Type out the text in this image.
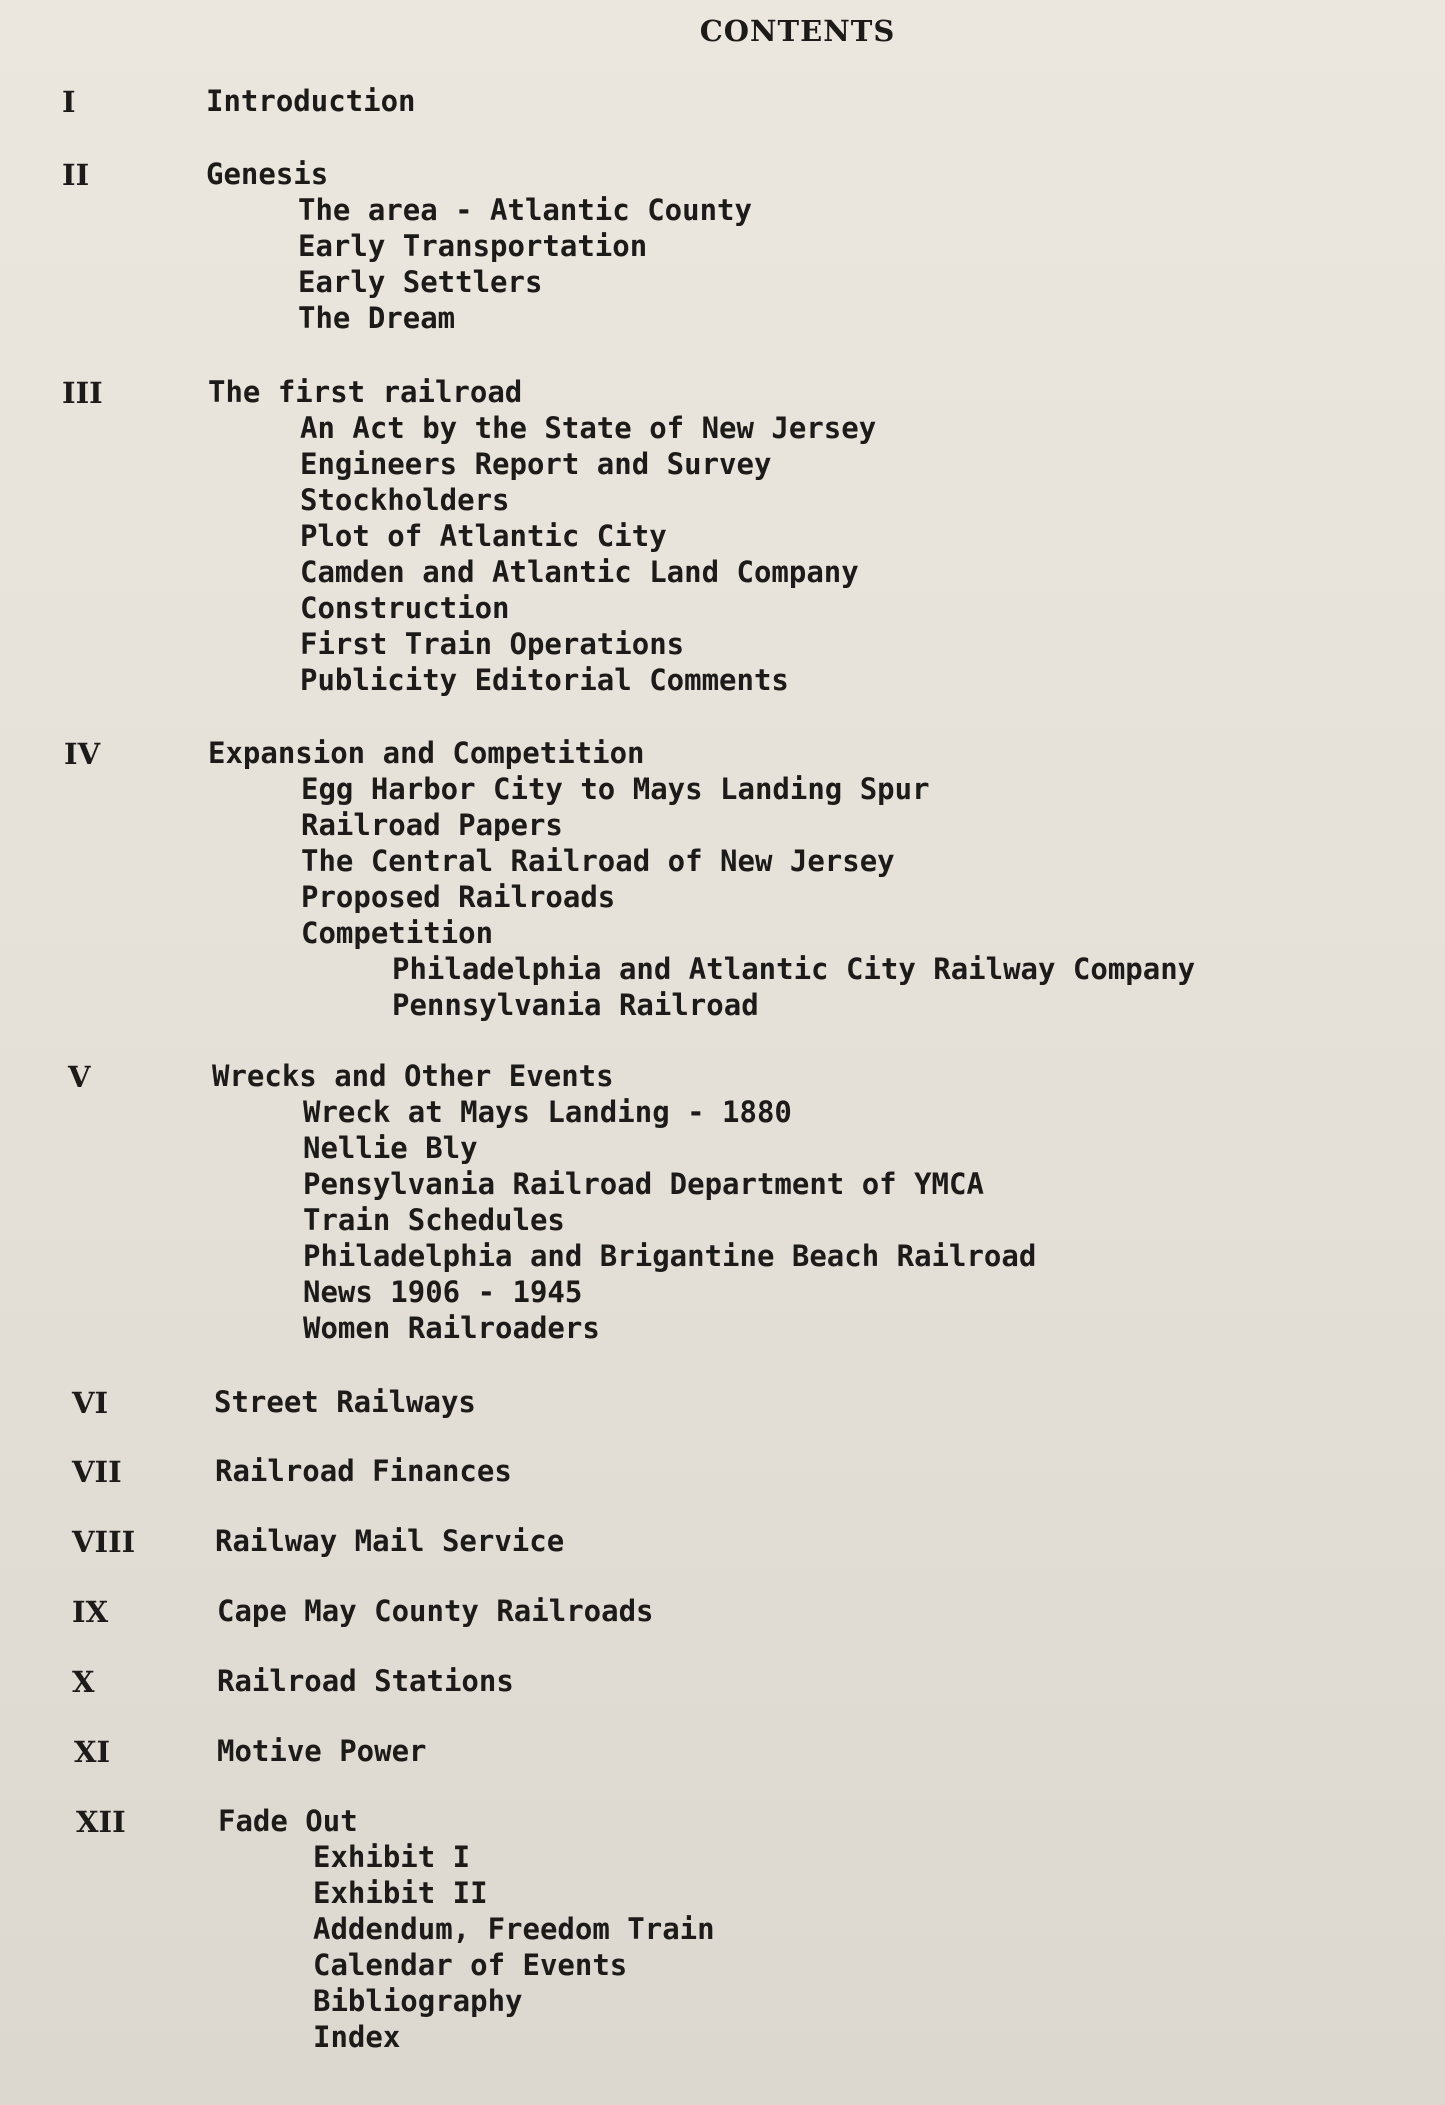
CONTENTS
I	Introduction
II	Genesis
The area - Atlantic County
Early Transportation
Early Settlers
The Dream
III	The first railroad
An Act by the State of New Jersey
Engineers Report and Survey
Stockholders
Plot of Atlantic City
Camden and Atlantic Land Company
Construction
First Train Operations
Publicity Editorial Comments
IV	Expansion and Competition
Egg Harbor City to Mays Landing Spur
Railroad Papers
The Central Railroad of New Jersey
Proposed Railroads
Competition
Philadelphia and Atlantic City Railway Company
Pennsylvania Railroad
V	Wrecks and Other Events
Wreck at Mays Landing - 1880
Nellie Bly
Pensylvania Railroad Department of YMCA
Train Schedules
Philadelphia and Brigantine Beach Railroad
News 1906 - 1945
Women Railroaders
VI	Street Railways
VII	Railroad Finances
VIII	Railway Mail Service
IX	Cape May County Railroads
X	Railroad Stations
XI	Motive Power
XII	Fade Out
Exhibit I
Exhibit II
Addendum, Freedom Train
Calendar of Events
Bibliography
Index
